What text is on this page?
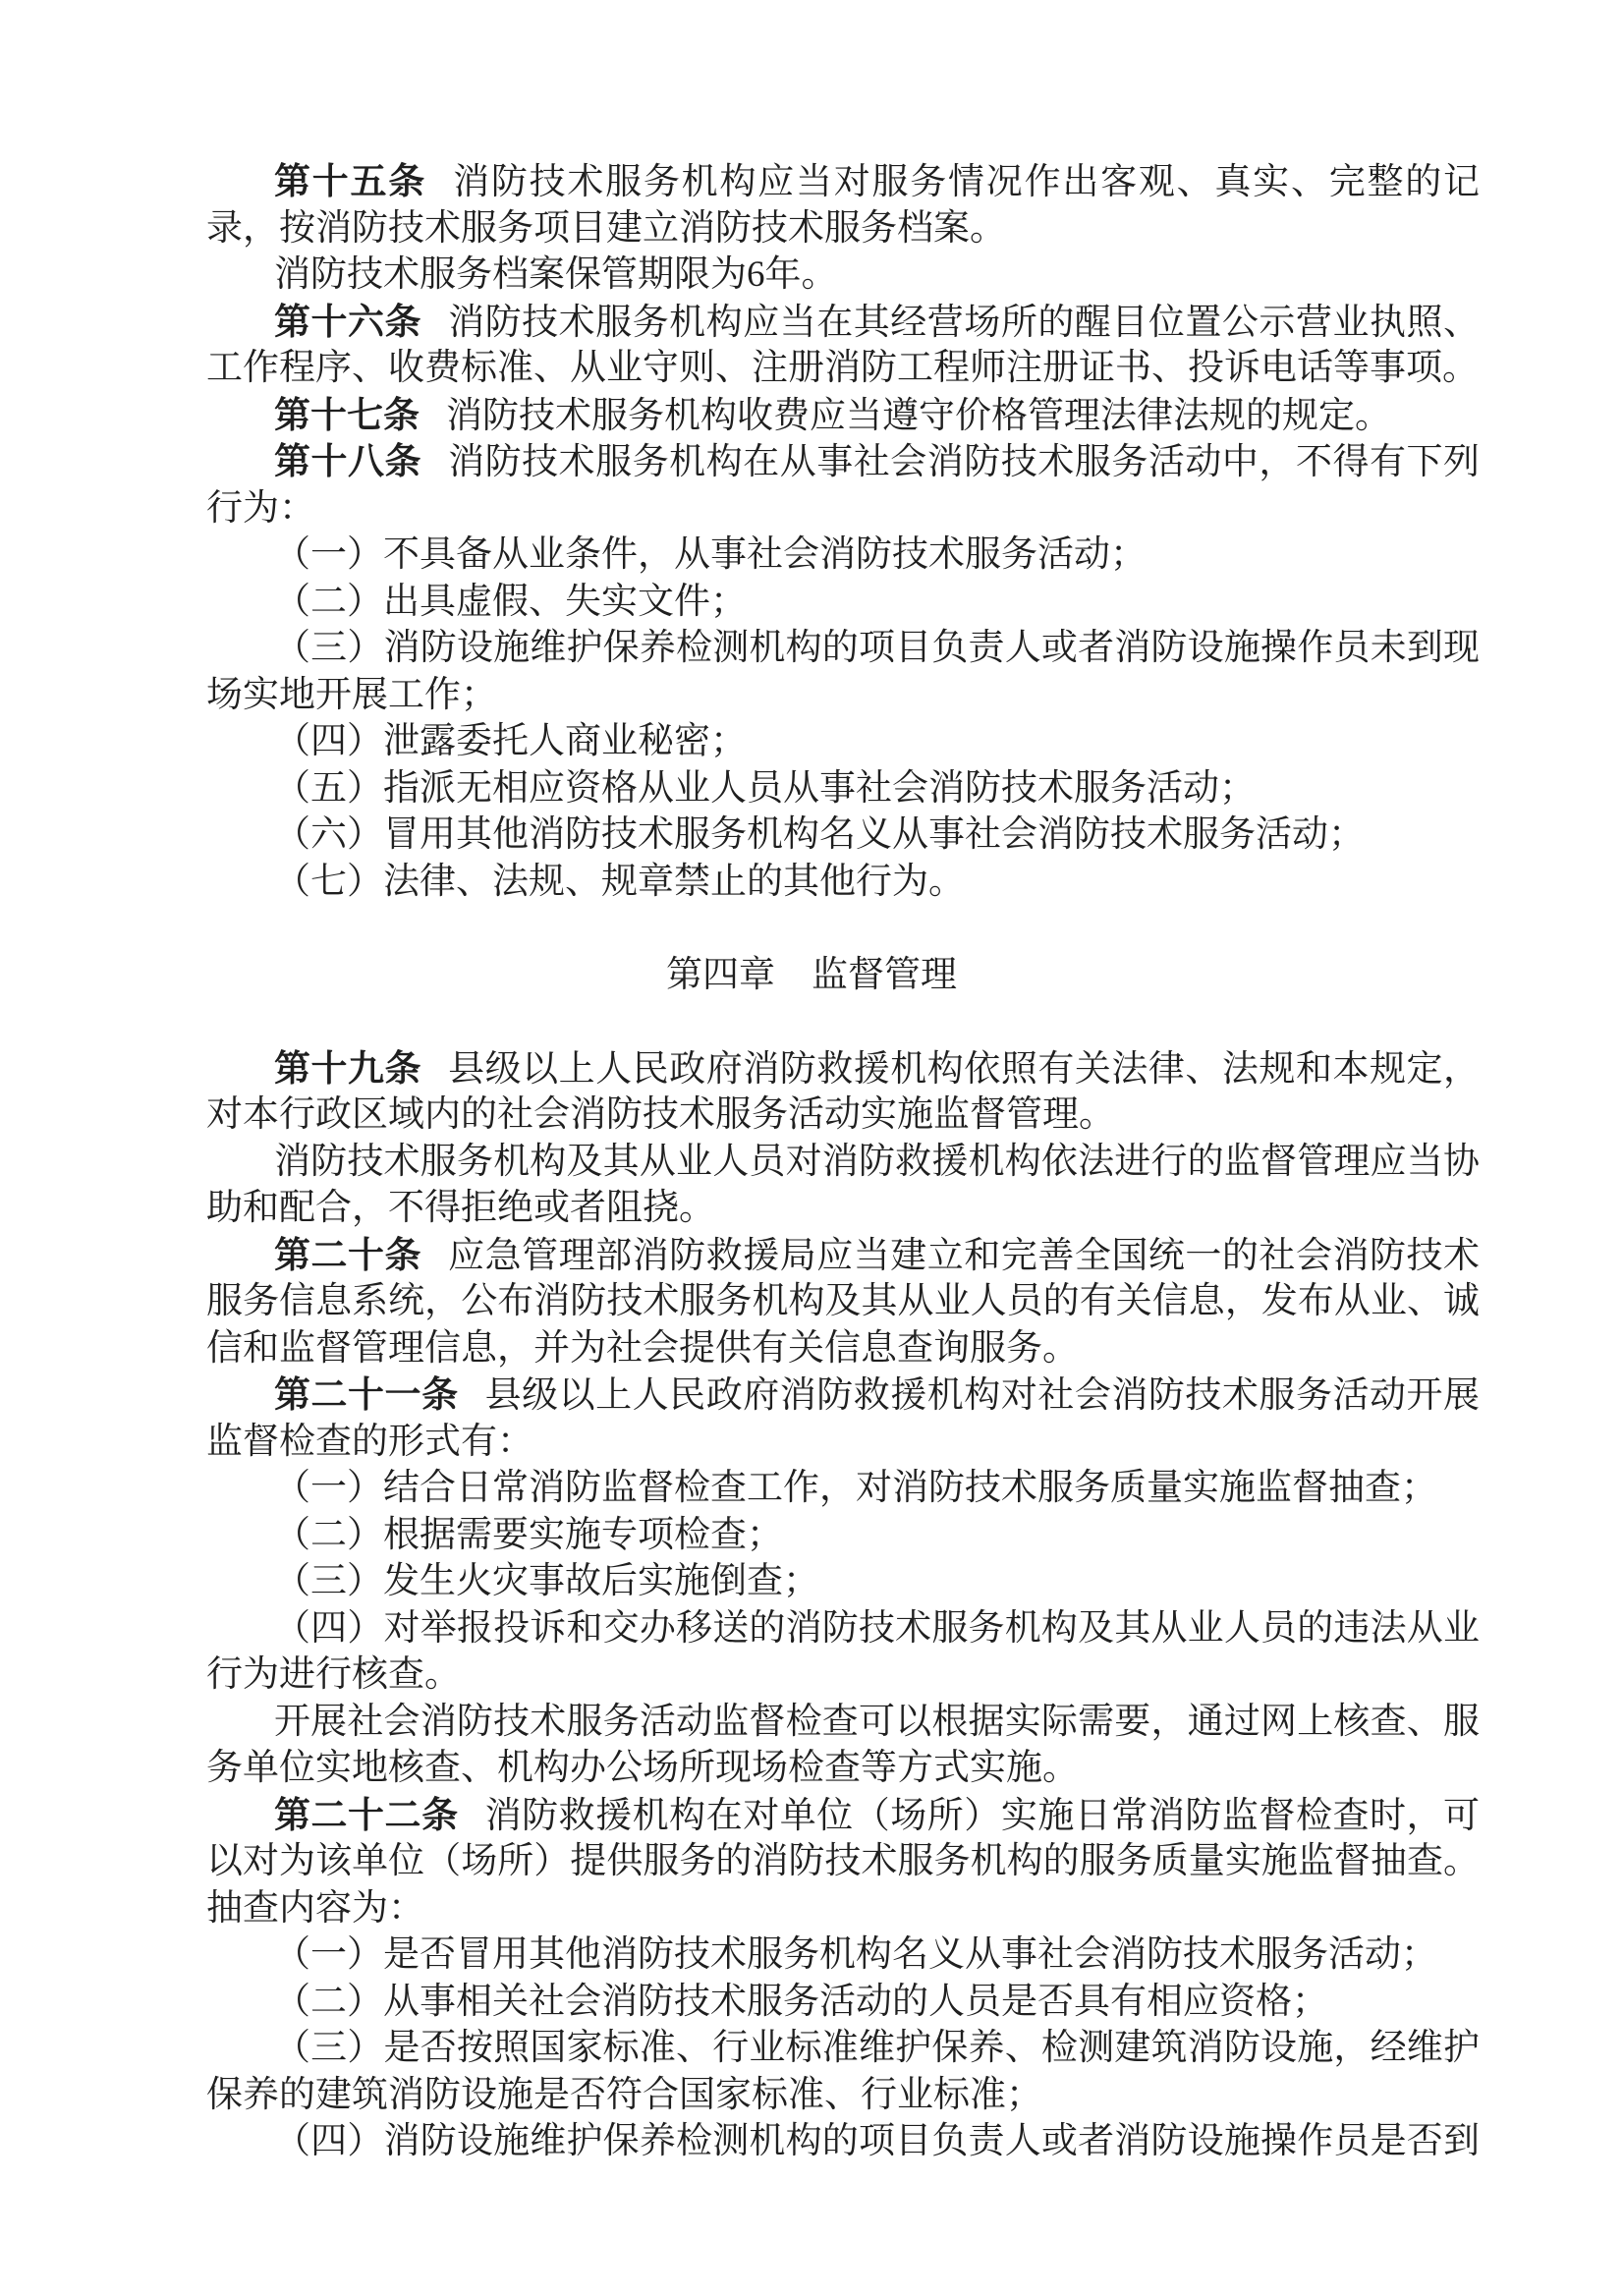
第十五条 消防技术服务机构应当对服务情况作出客观、真实、完整的记
录，按消防技术服务项目建立消防技术服务档案。
消防技术服务档案保管期限为6年。
第十六条 消防技术服务机构应当在其经营场所的醒目位置公示营业执照、
工作程序、收费标准、从业守则、注册消防工程师注册证书、投诉电话等事项。
第十七条 消防技术服务机构收费应当遵守价格管理法律法规的规定。
第十八条 消防技术服务机构在从事社会消防技术服务活动中，不得有下列
行为：
（一）不具备从业条件，从事社会消防技术服务活动；
（二）出具虚假、失实文件；
（三）消防设施维护保养检测机构的项目负责人或者消防设施操作员未到现
场实地开展工作；
（四）泄露委托人商业秘密；
（五）指派无相应资格从业人员从事社会消防技术服务活动；
（六）冒用其他消防技术服务机构名义从事社会消防技术服务活动；
（七）法律、法规、规章禁止的其他行为。
第四章　监督管理
第十九条 县级以上人民政府消防救援机构依照有关法律、法规和本规定，
对本行政区域内的社会消防技术服务活动实施监督管理。
消防技术服务机构及其从业人员对消防救援机构依法进行的监督管理应当协
助和配合，不得拒绝或者阻挠。
第二十条 应急管理部消防救援局应当建立和完善全国统一的社会消防技术
服务信息系统，公布消防技术服务机构及其从业人员的有关信息，发布从业、诚
信和监督管理信息，并为社会提供有关信息查询服务。
第二十一条 县级以上人民政府消防救援机构对社会消防技术服务活动开展
监督检查的形式有：
（一）结合日常消防监督检查工作，对消防技术服务质量实施监督抽查；
（二）根据需要实施专项检查；
（三）发生火灾事故后实施倒查；
（四）对举报投诉和交办移送的消防技术服务机构及其从业人员的违法从业
行为进行核查。
开展社会消防技术服务活动监督检查可以根据实际需要，通过网上核查、服
务单位实地核查、机构办公场所现场检查等方式实施。
第二十二条 消防救援机构在对单位（场所）实施日常消防监督检查时，可
以对为该单位（场所）提供服务的消防技术服务机构的服务质量实施监督抽查。
抽查内容为：
（一）是否冒用其他消防技术服务机构名义从事社会消防技术服务活动；
（二）从事相关社会消防技术服务活动的人员是否具有相应资格；
（三）是否按照国家标准、行业标准维护保养、检测建筑消防设施，经维护
保养的建筑消防设施是否符合国家标准、行业标准；
（四）消防设施维护保养检测机构的项目负责人或者消防设施操作员是否到
